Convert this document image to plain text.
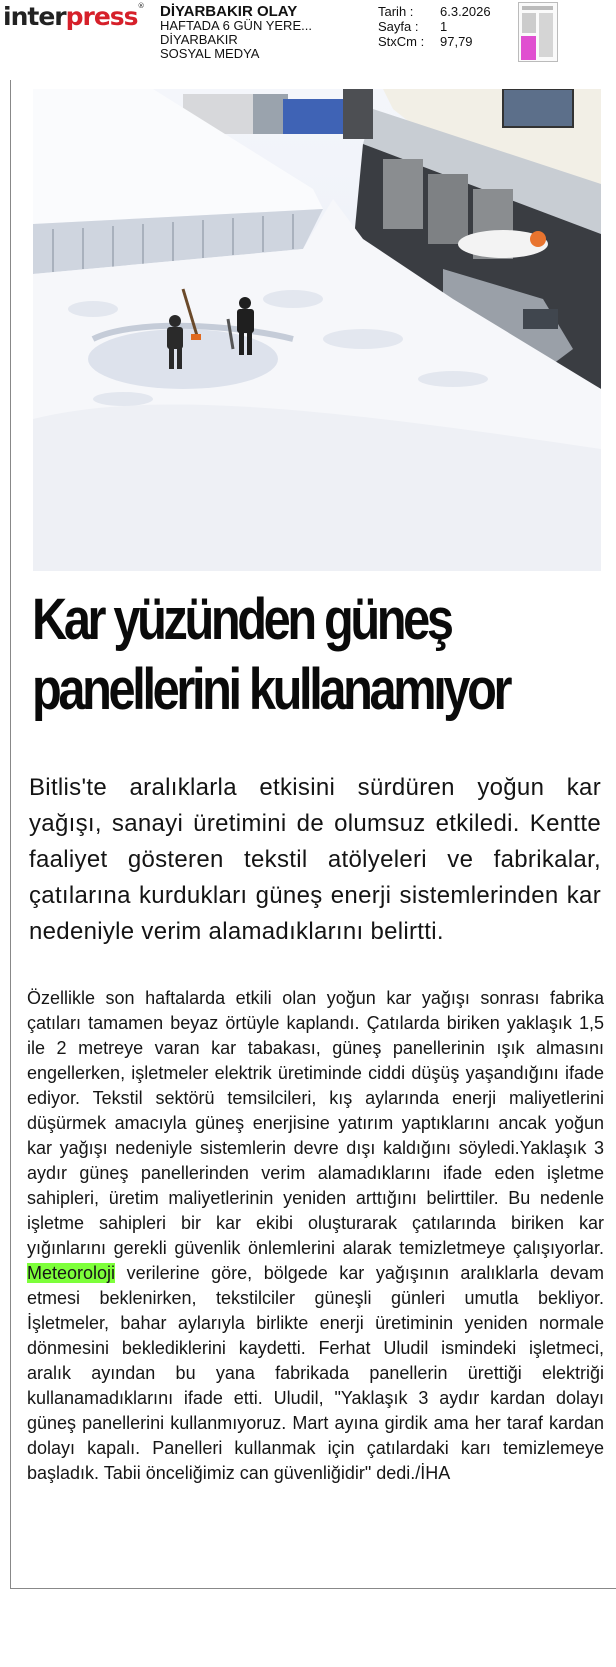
interpress® DİYARBAKIR OLAY
HAFTADA 6 GÜN YERE...
DİYARBAKIR
SOSYAL MEDYA
Tarih :	6.3.2026
Sayfa :	1
StxCm :	97,79
Kar yüzünden güneş
panellerini kullanamıyor

Bitlis'te aralıklarla etkisini sürdüren yoğun kar yağışı, sanayi üretimini de olumsuz etkiledi. Kentte faaliyet gösteren tekstil atölyeleri ve fabrikalar, çatılarına kurdukları güneş enerji sistemlerinden kar nedeniyle verim alamadıklarını belirtti.

Özellikle son haftalarda etkili olan yoğun kar yağışı sonrası fabrika çatıları tamamen beyaz örtüyle kaplandı. Çatılarda biriken yaklaşık 1,5 ile 2 metreye varan kar tabakası, güneş panellerinin ışık almasını engellerken, işletmeler elektrik üretiminde ciddi düşüş yaşandığını ifade ediyor. Tekstil sektörü temsilcileri, kış aylarında enerji maliyetlerini düşürmek amacıyla güneş enerjisine yatırım yaptıklarını ancak yoğun kar yağışı nedeniyle sistemlerin devre dışı kaldığını söyledi.Yaklaşık 3 aydır güneş panellerinden verim alamadıklarını ifade eden işletme sahipleri, üretim maliyetlerinin yeniden arttığını belirttiler. Bu nedenle işletme sahipleri bir kar ekibi oluşturarak çatılarında biriken kar yığınlarını gerekli güvenlik önlemlerini alarak temizletmeye çalışıyorlar. Meteoroloji verilerine göre, bölgede kar yağışının aralıklarla devam etmesi beklenirken, tekstilciler güneşli günleri umutla bekliyor. İşletmeler, bahar aylarıyla birlikte enerji üretiminin yeniden normale dönmesini beklediklerini kaydetti. Ferhat Uludil ismindeki işletmeci, aralık ayından bu yana fabrikada panellerin ürettiği elektriği kullanamadıklarını ifade etti. Uludil, "Yaklaşık 3 aydır kardan dolayı güneş panellerini kullanmıyoruz. Mart ayına girdik ama her taraf kardan dolayı kapalı. Panelleri kullanmak için çatılardaki karı temizlemeye başladık. Tabii önceliğimiz can güvenliğidir" dedi./İHA
